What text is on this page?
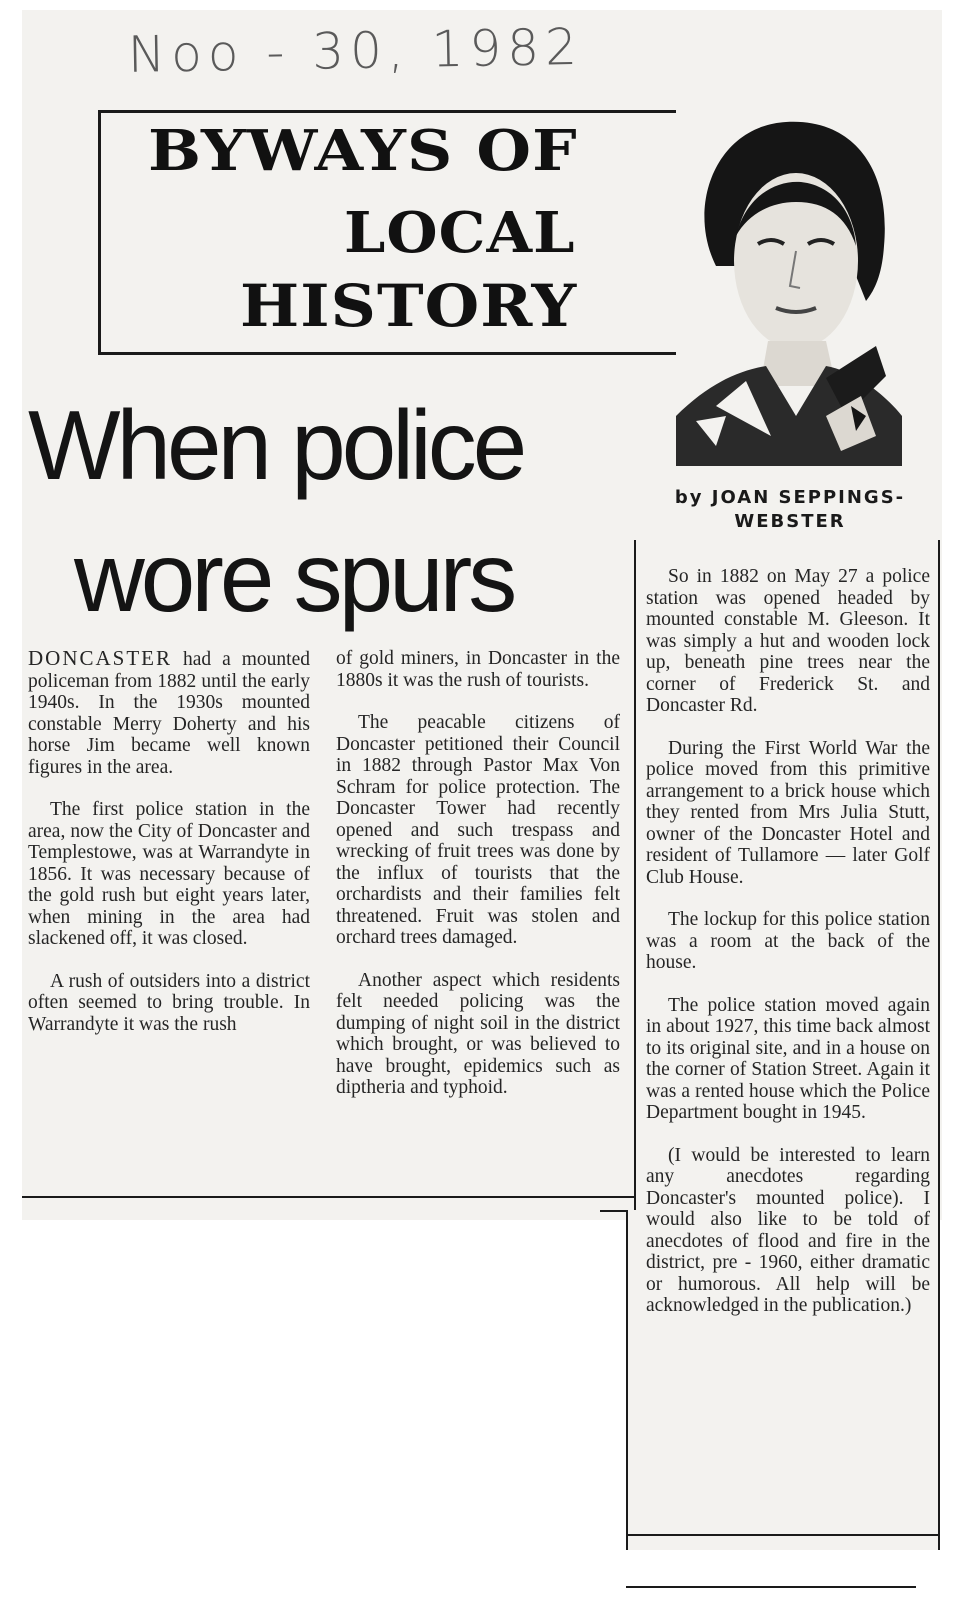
Noo - 30, 1982
BYWAYS OF
LOCAL
HISTORY
When police
wore spurs
by JOAN SEPPINGS-
WEBSTER

DONCASTER had a mounted policeman from 1882 until the early 1940s. In the 1930s mounted constable Merry Doherty and his horse Jim became well known figures in the area.

The first police station in the area, now the City of Doncaster and Templestowe, was at Warrandyte in 1856. It was necessary because of the gold rush but eight years later, when mining in the area had slackened off, it was closed.

A rush of outsiders into a district often seemed to bring trouble. In Warrandyte it was the rush

of gold miners, in Doncaster in the 1880s it was the rush of tourists.

The peacable citizens of Doncaster petitioned their Council in 1882 through Pastor Max Von Schram for police protection. The Doncaster Tower had recently opened and such trespass and wrecking of fruit trees was done by the influx of tourists that the orchardists and their families felt threatened. Fruit was stolen and orchard trees damaged.

Another aspect which residents felt needed policing was the dumping of night soil in the district which brought, or was believed to have brought, epidemics such as diptheria and typhoid.

So in 1882 on May 27 a police station was opened headed by mounted constable M. Gleeson. It was simply a hut and wooden lock up, beneath pine trees near the corner of Frederick St. and Doncaster Rd.

During the First World War the police moved from this primitive arrangement to a brick house which they rented from Mrs Julia Stutt, owner of the Doncaster Hotel and resident of Tullamore — later Golf Club House.

The lockup for this police station was a room at the back of the house.

The police station moved again in about 1927, this time back almost to its original site, and in a house on the corner of Station Street. Again it was a rented house which the Police Department bought in 1945.

(I would be interested to learn any anecdotes regarding Doncaster's mounted police). I would also like to be told of anecdotes of flood and fire in the district, pre - 1960, either dramatic or humorous. All help will be acknowledged in the publication.)
